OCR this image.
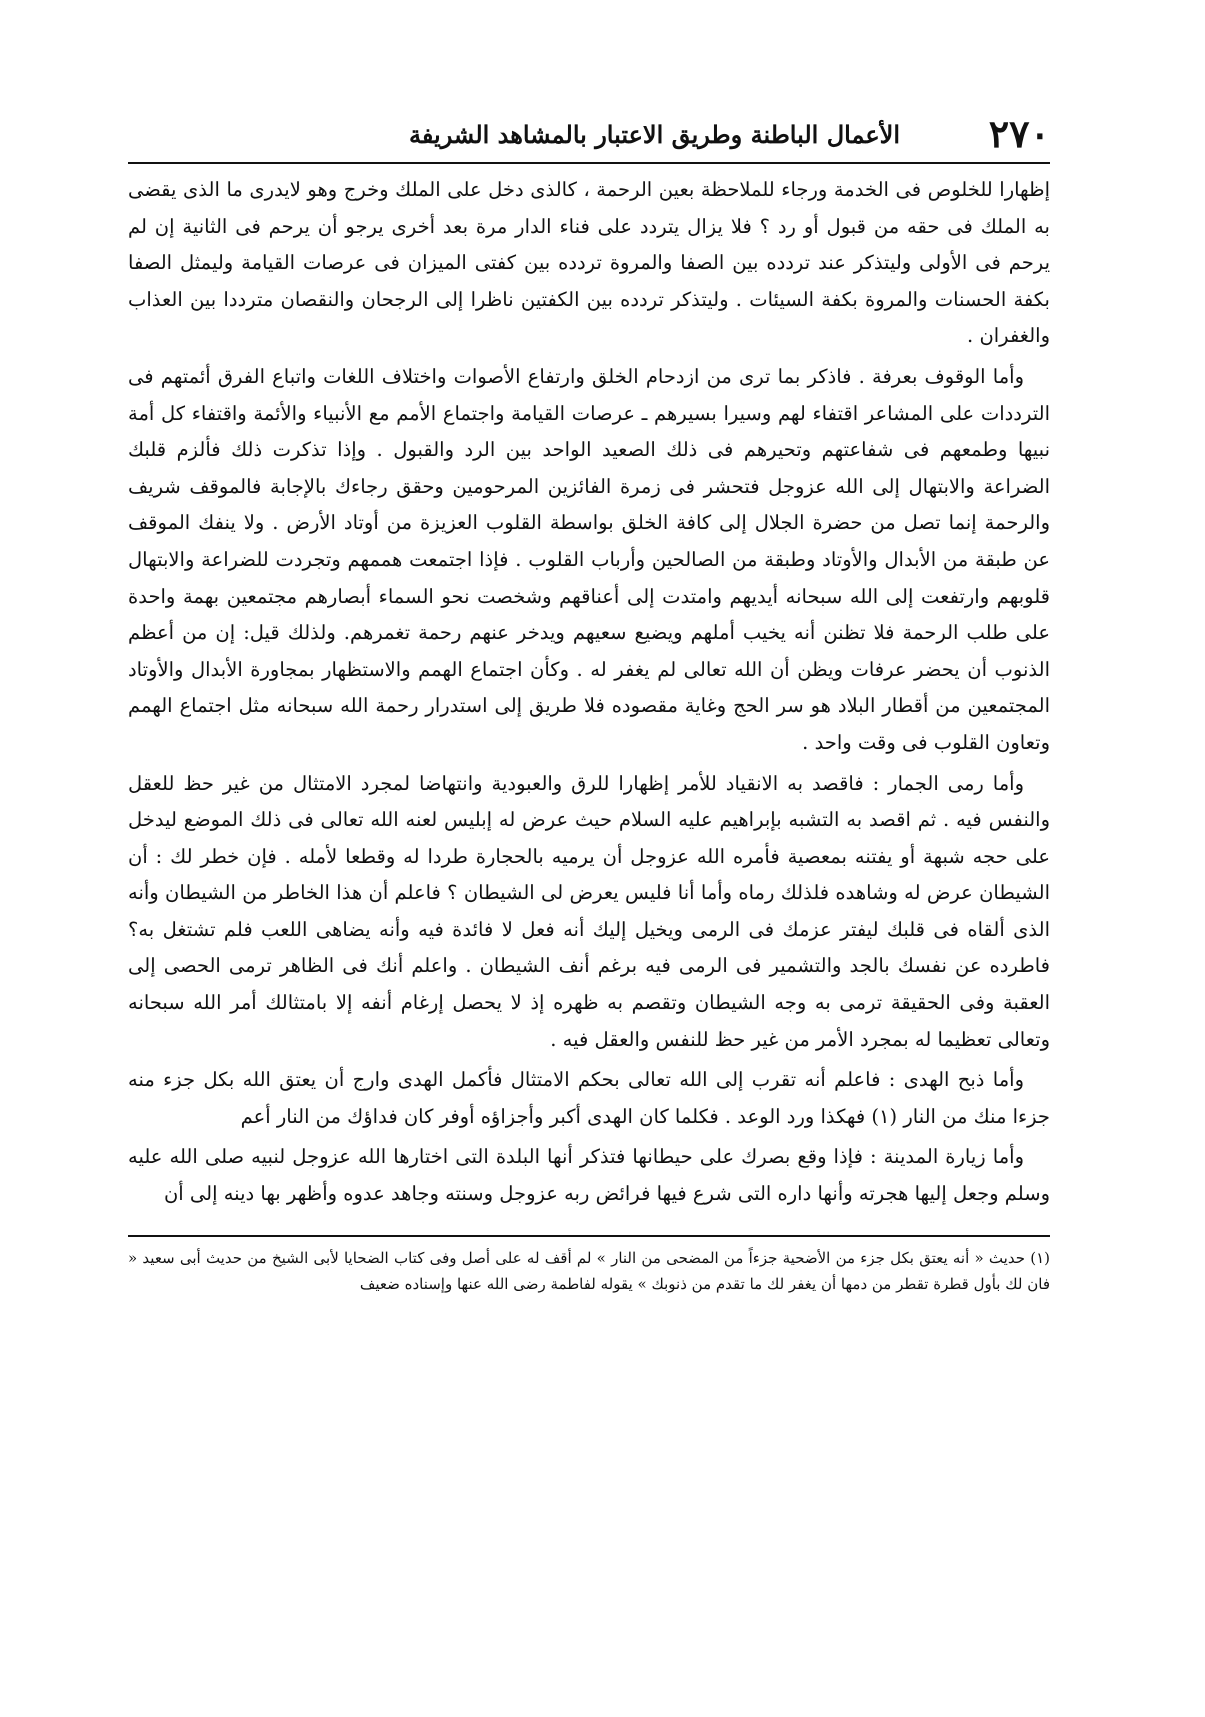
٢٧٠
الأعمال الباطنة وطريق الاعتبار بالمشاهد الشريفة

إظهارا للخلوص فى الخدمة ورجاء للملاحظة بعين الرحمة ، كالذى دخل على الملك وخرج وهو لايدرى ما الذى يقضى به الملك فى حقه من قبول أو رد ؟ فلا يزال يتردد على فناء الدار مرة بعد أخرى يرجو أن يرحم فى الثانية إن لم يرحم فى الأولى وليتذكر عند تردده بين الصفا والمروة تردده بين كفتى الميزان فى عرصات القيامة وليمثل الصفا بكفة الحسنات والمروة بكفة السيئات . وليتذكر تردده بين الكفتين ناظرا إلى الرجحان والنقصان مترددا بين العذاب والغفران .

وأما الوقوف بعرفة . فاذكر بما ترى من ازدحام الخلق وارتفاع الأصوات واختلاف اللغات واتباع الفرق أئمتهم فى الترددات على المشاعر اقتفاء لهم وسيرا بسيرهم ـ عرصات القيامة واجتماع الأمم مع الأنبياء والأئمة واقتفاء كل أمة نبيها وطمعهم فى شفاعتهم وتحيرهم فى ذلك الصعيد الواحد بين الرد والقبول . وإذا تذكرت ذلك فألزم قلبك الضراعة والابتهال إلى الله عزوجل فتحشر فى زمرة الفائزين المرحومين وحقق رجاءك بالإجابة فالموقف شريف والرحمة إنما تصل من حضرة الجلال إلى كافة الخلق بواسطة القلوب العزيزة من أوتاد الأرض . ولا ينفك الموقف عن طبقة من الأبدال والأوتاد وطبقة من الصالحين وأرباب القلوب . فإذا اجتمعت هممهم وتجردت للضراعة والابتهال قلوبهم وارتفعت إلى الله سبحانه أيديهم وامتدت إلى أعناقهم وشخصت نحو السماء أبصارهم مجتمعين بهمة واحدة على طلب الرحمة فلا تظنن أنه يخيب أملهم ويضيع سعيهم ويدخر عنهم رحمة تغمرهم. ولذلك قيل: إن من أعظم الذنوب أن يحضر عرفات ويظن أن الله تعالى لم يغفر له . وكأن اجتماع الهمم والاستظهار بمجاورة الأبدال والأوتاد المجتمعين من أقطار البلاد هو سر الحج وغاية مقصوده فلا طريق إلى استدرار رحمة الله سبحانه مثل اجتماع الهمم وتعاون القلوب فى وقت واحد .

وأما رمى الجمار : فاقصد به الانقياد للأمر إظهارا للرق والعبودية وانتهاضا لمجرد الامتثال من غير حظ للعقل والنفس فيه . ثم اقصد به التشبه بإبراهيم عليه السلام حيث عرض له إبليس لعنه الله تعالى فى ذلك الموضع ليدخل على حجه شبهة أو يفتنه بمعصية فأمره الله عزوجل أن يرميه بالحجارة طردا له وقطعا لأمله . فإن خطر لك : أن الشيطان عرض له وشاهده فلذلك رماه وأما أنا فليس يعرض لى الشيطان ؟ فاعلم أن هذا الخاطر من الشيطان وأنه الذى ألقاه فى قلبك ليفتر عزمك فى الرمى ويخيل إليك أنه فعل لا فائدة فيه وأنه يضاهى اللعب فلم تشتغل به؟ فاطرده عن نفسك بالجد والتشمير فى الرمى فيه برغم أنف الشيطان . واعلم أنك فى الظاهر ترمى الحصى إلى العقبة وفى الحقيقة ترمى به وجه الشيطان وتقصم به ظهره إذ لا يحصل إرغام أنفه إلا بامتثالك أمر الله سبحانه وتعالى تعظيما له بمجرد الأمر من غير حظ للنفس والعقل فيه .

وأما ذبح الهدى : فاعلم أنه تقرب إلى الله تعالى بحكم الامتثال فأكمل الهدى وارج أن يعتق الله بكل جزء منه جزءا منك من النار (١) فهكذا ورد الوعد . فكلما كان الهدى أكبر وأجزاؤه أوفر كان فداؤك من النار أعم

وأما زيارة المدينة : فإذا وقع بصرك على حيطانها فتذكر أنها البلدة التى اختارها الله عزوجل لنبيه صلى الله عليه وسلم وجعل إليها هجرته وأنها داره التى شرع فيها فرائض ربه عزوجل وسنته وجاهد عدوه وأظهر بها دينه إلى أن

(١) حديث « أنه يعتق بكل جزء من الأضحية جزءاً من المضحى من النار » لم أقف له على أصل وفى كتاب الضحايا لأبى الشيخ من حديث أبى سعيد « فان لك بأول قطرة تقطر من دمها أن يغفر لك ما تقدم من ذنوبك » يقوله لفاطمة رضى الله عنها وإسناده ضعيف
